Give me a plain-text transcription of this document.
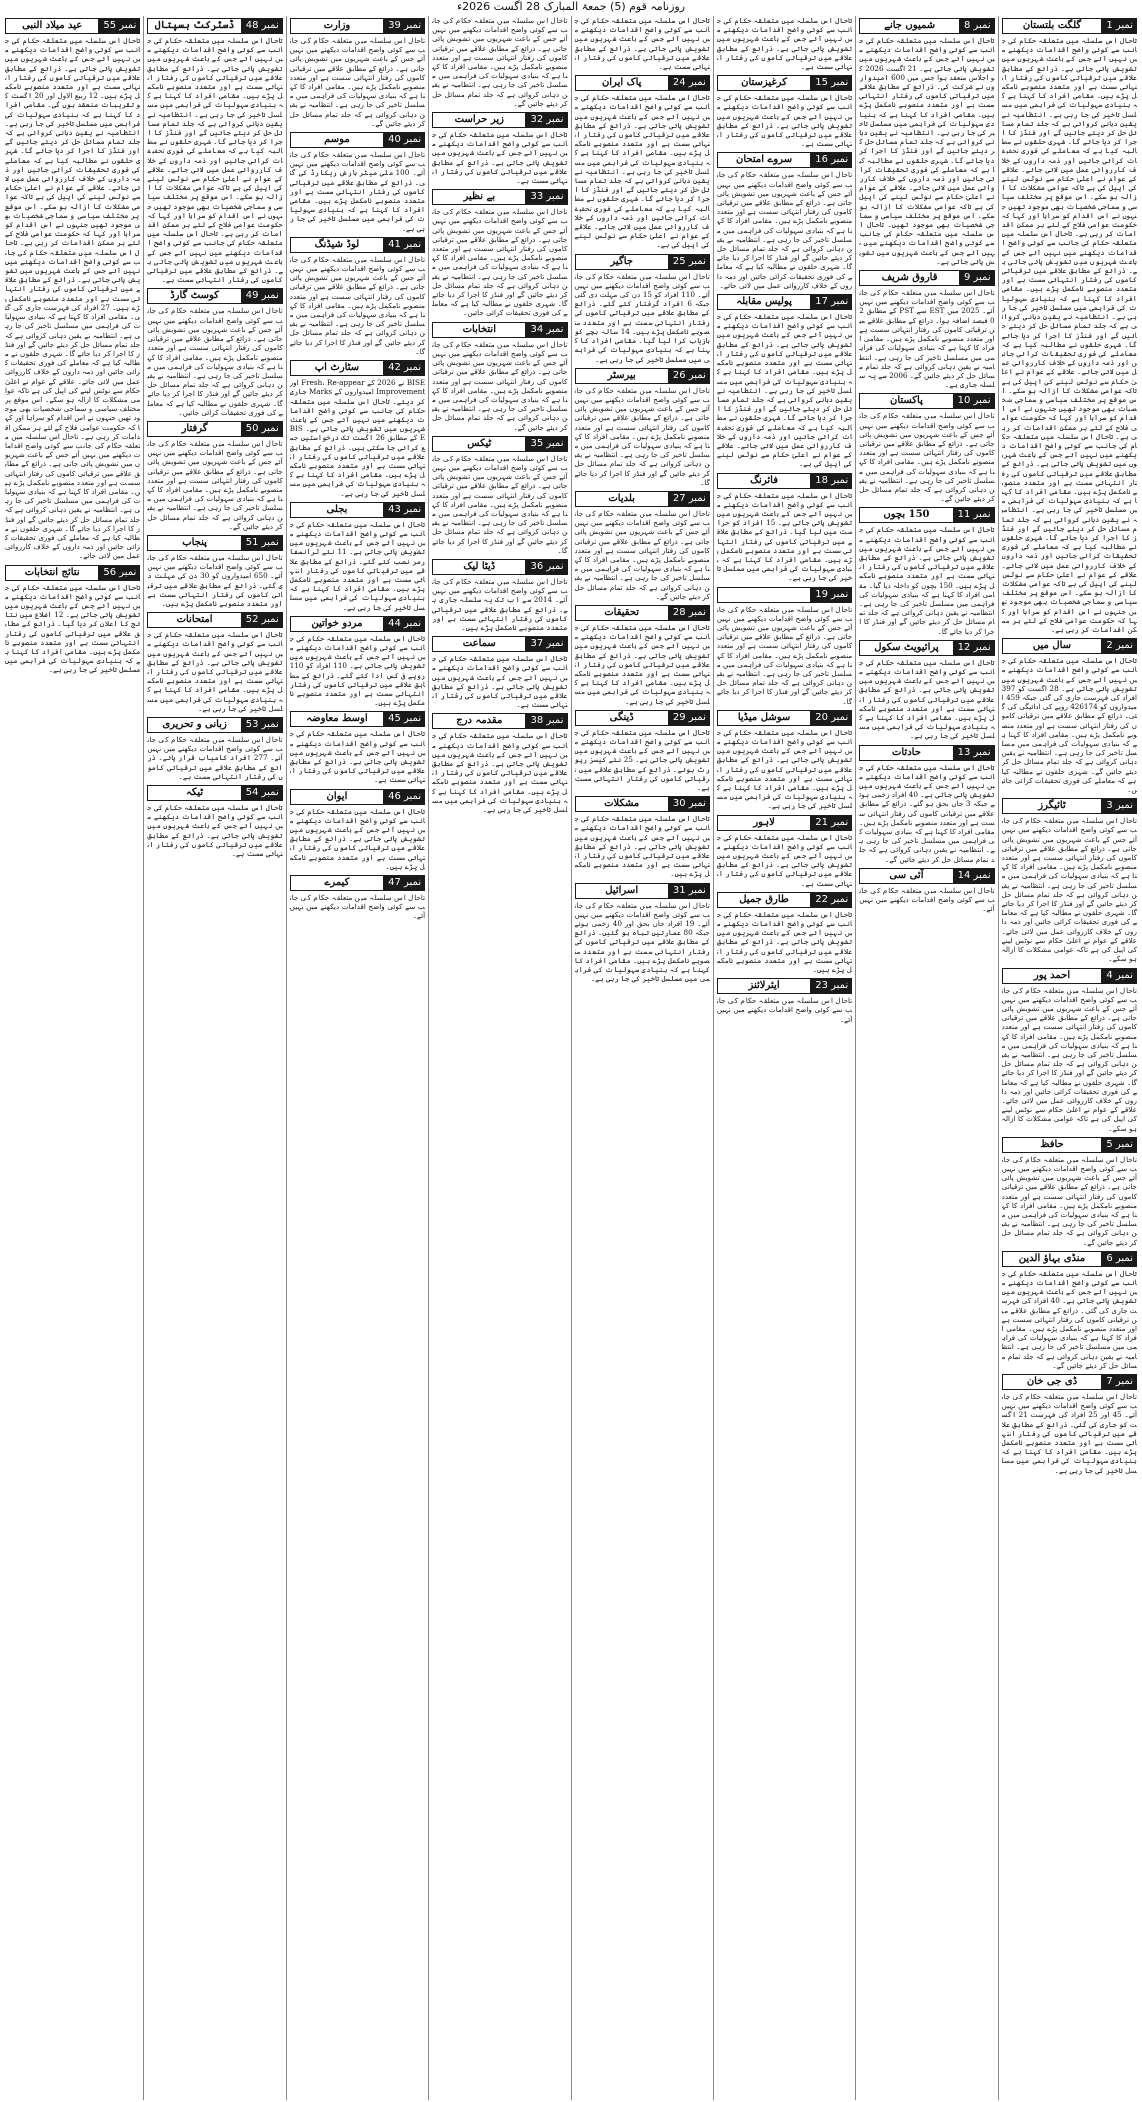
روزنامہ قوم (5) جمعۃ المبارک 28 اگست 2026ء
نمبر 1
گلگت بلتستان
تاحال اس سلسلہ میں متعلقہ حکام کی جانب سے کوئی واضح اقدامات دیکھنے میں نہیں آئے جس کے باعث شہریوں میں تشویش پائی جاتی ہے۔ ذرائع کے مطابق علاقے میں ترقیاتی کاموں کی رفتار انتہائی سست ہے اور متعدد منصوبے نامکمل پڑے ہیں۔ مقامی افراد کا کہنا ہے کہ بنیادی سہولیات کی فراہمی میں مسلسل تاخیر کی جا رہی ہے۔ انتظامیہ نے یقین دہانی کروائی ہے کہ جلد تمام مسائل حل کر دیئے جائیں گے اور فنڈز کا اجرا کر دیا جائے گا۔ شہری حلقوں نے مطالبہ کیا ہے کہ معاملے کی فوری تحقیقات کرائی جائیں اور ذمہ داروں کے خلاف کارروائی عمل میں لائی جائے۔ علاقے کے عوام نے اعلیٰ حکام سے نوٹس لینے کی اپیل کی ہے تاکہ عوامی مشکلات کا ازالہ ہو سکے۔ اس موقع پر مختلف سیاسی و سماجی شخصیات بھی موجود تھیں جنہوں نے اس اقدام کو سراہا اور کہا کہ حکومت عوامی فلاح کے لئے ہر ممکن اقدامات کر رہی ہے۔ تاحال اس سلسلہ میں متعلقہ حکام کی جانب سے کوئی واضح اقدامات دیکھنے میں نہیں آئے جس کے باعث شہریوں میں تشویش پائی جاتی ہے۔ ذرائع کے مطابق علاقے میں ترقیاتی کاموں کی رفتار انتہائی سست ہے اور متعدد منصوبے نامکمل پڑے ہیں۔ مقامی افراد کا کہنا ہے کہ بنیادی سہولیات کی فراہمی میں مسلسل تاخیر کی جا رہی ہے۔ انتظامیہ نے یقین دہانی کروائی ہے کہ جلد تمام مسائل حل کر دیئے جائیں گے اور فنڈز کا اجرا کر دیا جائے گا۔ شہری حلقوں نے مطالبہ کیا ہے کہ معاملے کی فوری تحقیقات کرائی جائیں اور ذمہ داروں کے خلاف کارروائی عمل میں لائی جائے۔ علاقے کے عوام نے اعلیٰ حکام سے نوٹس لینے کی اپیل کی ہے تاکہ عوامی مشکلات کا ازالہ ہو سکے۔ اس موقع پر مختلف سیاسی و سماجی شخصیات بھی موجود تھیں جنہوں نے اس اقدام کو سراہا اور کہا کہ حکومت عوامی فلاح کے لئے ہر ممکن اقدامات کر رہی ہے۔ تاحال اس سلسلہ میں متعلقہ حکام کی جانب سے کوئی واضح اقدامات دیکھنے میں نہیں آئے جس کے باعث شہریوں میں تشویش پائی جاتی ہے۔ ذرائع کے مطابق علاقے میں ترقیاتی کاموں کی رفتار انتہائی سست ہے اور متعدد منصوبے نامکمل پڑے ہیں۔ مقامی افراد کا کہنا ہے کہ بنیادی سہولیات کی فراہمی میں مسلسل تاخیر کی جا رہی ہے۔ انتظامیہ نے یقین دہانی کروائی ہے کہ جلد تمام مسائل حل کر دیئے جائیں گے اور فنڈز کا اجرا کر دیا جائے گا۔ شہری حلقوں نے مطالبہ کیا ہے کہ معاملے کی فوری تحقیقات کرائی جائیں اور ذمہ داروں کے خلاف کارروائی عمل میں لائی جائے۔ علاقے کے عوام نے اعلیٰ حکام سے نوٹس لینے کی اپیل کی ہے تاکہ عوامی مشکلات کا ازالہ ہو سکے۔ اس موقع پر مختلف سیاسی و سماجی شخصیات بھی موجود تھیں جنہوں نے اس اقدام کو سراہا اور کہا کہ حکومت عوامی فلاح کے لئے ہر ممکن اقدامات کر رہی ہے۔
نمبر 2
سال میں
تاحال اس سلسلہ میں متعلقہ حکام کی جانب سے کوئی واضح اقدامات دیکھنے میں نہیں آئے جس کے باعث شہریوں میں تشویش پائی جاتی ہے۔ 28 اگست کو 397 افراد کی فہرست جاری کی گئی جبکہ 459 امیدواروں کو 426174 روپے کی ادائیگی کی گئی۔ ذرائع کے مطابق علاقے میں ترقیاتی کاموں کی رفتار انتہائی سست ہے اور متعدد منصوبے نامکمل پڑے ہیں۔ مقامی افراد کا کہنا ہے کہ بنیادی سہولیات کی فراہمی میں مسلسل تاخیر کی جا رہی ہے۔ انتظامیہ نے یقین دہانی کروائی ہے کہ جلد تمام مسائل حل کر دیئے جائیں گے۔ شہری حلقوں نے مطالبہ کیا ہے کہ معاملے کی فوری تحقیقات کرائی جائیں۔
نمبر 3
ٹائیگرز
تاحال اس سلسلہ میں متعلقہ حکام کی جانب سے کوئی واضح اقدامات دیکھنے میں نہیں آئے جس کے باعث شہریوں میں تشویش پائی جاتی ہے۔ ذرائع کے مطابق علاقے میں ترقیاتی کاموں کی رفتار انتہائی سست ہے اور متعدد منصوبے نامکمل پڑے ہیں۔ مقامی افراد کا کہنا ہے کہ بنیادی سہولیات کی فراہمی میں مسلسل تاخیر کی جا رہی ہے۔ انتظامیہ نے یقین دہانی کروائی ہے کہ جلد تمام مسائل حل کر دیئے جائیں گے اور فنڈز کا اجرا کر دیا جائے گا۔ شہری حلقوں نے مطالبہ کیا ہے کہ معاملے کی فوری تحقیقات کرائی جائیں اور ذمہ داروں کے خلاف کارروائی عمل میں لائی جائے۔ علاقے کے عوام نے اعلیٰ حکام سے نوٹس لینے کی اپیل کی ہے تاکہ عوامی مشکلات کا ازالہ ہو سکے۔
نمبر 4
احمد پور
تاحال اس سلسلہ میں متعلقہ حکام کی جانب سے کوئی واضح اقدامات دیکھنے میں نہیں آئے جس کے باعث شہریوں میں تشویش پائی جاتی ہے۔ ذرائع کے مطابق علاقے میں ترقیاتی کاموں کی رفتار انتہائی سست ہے اور متعدد منصوبے نامکمل پڑے ہیں۔ مقامی افراد کا کہنا ہے کہ بنیادی سہولیات کی فراہمی میں مسلسل تاخیر کی جا رہی ہے۔ انتظامیہ نے یقین دہانی کروائی ہے کہ جلد تمام مسائل حل کر دیئے جائیں گے اور فنڈز کا اجرا کر دیا جائے گا۔ شہری حلقوں نے مطالبہ کیا ہے کہ معاملے کی فوری تحقیقات کرائی جائیں اور ذمہ داروں کے خلاف کارروائی عمل میں لائی جائے۔ علاقے کے عوام نے اعلیٰ حکام سے نوٹس لینے کی اپیل کی ہے تاکہ عوامی مشکلات کا ازالہ ہو سکے۔
نمبر 5
حافظ
تاحال اس سلسلہ میں متعلقہ حکام کی جانب سے کوئی واضح اقدامات دیکھنے میں نہیں آئے جس کے باعث شہریوں میں تشویش پائی جاتی ہے۔ ذرائع کے مطابق علاقے میں ترقیاتی کاموں کی رفتار انتہائی سست ہے اور متعدد منصوبے نامکمل پڑے ہیں۔ مقامی افراد کا کہنا ہے کہ بنیادی سہولیات کی فراہمی میں مسلسل تاخیر کی جا رہی ہے۔ انتظامیہ نے یقین دہانی کروائی ہے کہ جلد تمام مسائل حل کر دیئے جائیں گے۔
نمبر 6
منڈی بہاؤ الدین
تاحال اس سلسلہ میں متعلقہ حکام کی جانب سے کوئی واضح اقدامات دیکھنے میں نہیں آئے جس کے باعث شہریوں میں تشویش پائی جاتی ہے۔ 40 افراد کی فہرست جاری کی گئی۔ ذرائع کے مطابق علاقے میں ترقیاتی کاموں کی رفتار انتہائی سست ہے اور متعدد منصوبے نامکمل پڑے ہیں۔ مقامی افراد کا کہنا ہے کہ بنیادی سہولیات کی فراہمی میں مسلسل تاخیر کی جا رہی ہے۔ انتظامیہ نے یقین دہانی کروائی ہے کہ جلد تمام مسائل حل کر دیئے جائیں گے۔
نمبر 7
ڈی جی خان
تاحال اس سلسلہ میں متعلقہ حکام کی جانب سے کوئی واضح اقدامات دیکھنے میں نہیں آئے۔ 45 اور 25 افراد کی فہرست 21 اگست کو جاری کی گئی۔ ذرائع کے مطابق علاقے میں ترقیاتی کاموں کی رفتار انتہائی سست ہے اور متعدد منصوبے نامکمل پڑے ہیں۔ مقامی افراد کا کہنا ہے کہ بنیادی سہولیات کی فراہمی میں مسلسل تاخیر کی جا رہی ہے۔
نمبر 8
شمیوں جانے
تاحال اس سلسلہ میں متعلقہ حکام کی جانب سے کوئی واضح اقدامات دیکھنے میں نہیں آئے جس کے باعث شہریوں میں تشویش پائی جاتی ہے۔ 21 اگست 2026 کو اجلاس منعقد ہوا جس میں 600 امیدواروں نے شرکت کی۔ ذرائع کے مطابق علاقے میں ترقیاتی کاموں کی رفتار انتہائی سست ہے اور متعدد منصوبے نامکمل پڑے ہیں۔ مقامی افراد کا کہنا ہے کہ بنیادی سہولیات کی فراہمی میں مسلسل تاخیر کی جا رہی ہے۔ انتظامیہ نے یقین دہانی کروائی ہے کہ جلد تمام مسائل حل کر دیئے جائیں گے اور فنڈز کا اجرا کر دیا جائے گا۔ شہری حلقوں نے مطالبہ کیا ہے کہ معاملے کی فوری تحقیقات کرائی جائیں اور ذمہ داروں کے خلاف کارروائی عمل میں لائی جائے۔ علاقے کے عوام نے اعلیٰ حکام سے نوٹس لینے کی اپیل کی ہے تاکہ عوامی مشکلات کا ازالہ ہو سکے۔ اس موقع پر مختلف سیاسی و سماجی شخصیات بھی موجود تھیں۔ تاحال اس سلسلہ میں متعلقہ حکام کی جانب سے کوئی واضح اقدامات دیکھنے میں نہیں آئے جس کے باعث شہریوں میں تشویش پائی جاتی ہے۔
نمبر 9
قاروق شریف
تاحال اس سلسلہ میں متعلقہ حکام کی جانب سے کوئی واضح اقدامات دیکھنے میں نہیں آئے۔ 2025 میں EST سے PST کے مطابق 20 فیصد اضافہ ہوا۔ ذرائع کے مطابق علاقے میں ترقیاتی کاموں کی رفتار انتہائی سست ہے اور متعدد منصوبے نامکمل پڑے ہیں۔ مقامی افراد کا کہنا ہے کہ بنیادی سہولیات کی فراہمی میں مسلسل تاخیر کی جا رہی ہے۔ انتظامیہ نے یقین دہانی کروائی ہے کہ جلد تمام مسائل حل کر دیئے جائیں گے۔ 2006 سے یہ سلسلہ جاری ہے۔
نمبر 10
پاکستان
تاحال اس سلسلہ میں متعلقہ حکام کی جانب سے کوئی واضح اقدامات دیکھنے میں نہیں آئے جس کے باعث شہریوں میں تشویش پائی جاتی ہے۔ ذرائع کے مطابق علاقے میں ترقیاتی کاموں کی رفتار انتہائی سست ہے اور متعدد منصوبے نامکمل پڑے ہیں۔ مقامی افراد کا کہنا ہے کہ بنیادی سہولیات کی فراہمی میں مسلسل تاخیر کی جا رہی ہے۔ انتظامیہ نے یقین دہانی کروائی ہے کہ جلد تمام مسائل حل کر دیئے جائیں گے۔
نمبر 11
150 بچوں
تاحال اس سلسلہ میں متعلقہ حکام کی جانب سے کوئی واضح اقدامات دیکھنے میں نہیں آئے جس کے باعث شہریوں میں تشویش پائی جاتی ہے۔ ذرائع کے مطابق علاقے میں ترقیاتی کاموں کی رفتار انتہائی سست ہے اور متعدد منصوبے نامکمل پڑے ہیں۔ 150 بچوں کو داخلہ دیا گیا۔ مقامی افراد کا کہنا ہے کہ بنیادی سہولیات کی فراہمی میں مسلسل تاخیر کی جا رہی ہے۔ انتظامیہ نے یقین دہانی کروائی ہے کہ جلد تمام مسائل حل کر دیئے جائیں گے اور فنڈز کا اجرا کر دیا جائے گا۔
نمبر 12
پرائیویٹ سکول
تاحال اس سلسلہ میں متعلقہ حکام کی جانب سے کوئی واضح اقدامات دیکھنے میں نہیں آئے جس کے باعث شہریوں میں تشویش پائی جاتی ہے۔ ذرائع کے مطابق علاقے میں ترقیاتی کاموں کی رفتار انتہائی سست ہے اور متعدد منصوبے نامکمل پڑے ہیں۔ مقامی افراد کا کہنا ہے کہ بنیادی سہولیات کی فراہمی میں مسلسل تاخیر کی جا رہی ہے۔
نمبر 13
حادثات
تاحال اس سلسلہ میں متعلقہ حکام کی جانب سے کوئی واضح اقدامات دیکھنے میں نہیں آئے جس کے باعث شہریوں میں تشویش پائی جاتی ہے۔ 40 افراد زخمی ہوئے جبکہ 3 جاں بحق ہو گئے۔ ذرائع کے مطابق علاقے میں ترقیاتی کاموں کی رفتار انتہائی سست ہے اور متعدد منصوبے نامکمل پڑے ہیں۔ مقامی افراد کا کہنا ہے کہ بنیادی سہولیات کی فراہمی میں مسلسل تاخیر کی جا رہی ہے۔ انتظامیہ نے یقین دہانی کروائی ہے کہ جلد تمام مسائل حل کر دیئے جائیں گے۔
نمبر 14
آئی سی
تاحال اس سلسلہ میں متعلقہ حکام کی جانب سے کوئی واضح اقدامات دیکھنے میں نہیں آئے۔
تاحال اس سلسلہ میں متعلقہ حکام کی جانب سے کوئی واضح اقدامات دیکھنے میں نہیں آئے جس کے باعث شہریوں میں تشویش پائی جاتی ہے۔ ذرائع کے مطابق علاقے میں ترقیاتی کاموں کی رفتار انتہائی سست ہے۔
نمبر 15
کرغیزستان
تاحال اس سلسلہ میں متعلقہ حکام کی جانب سے کوئی واضح اقدامات دیکھنے میں نہیں آئے جس کے باعث شہریوں میں تشویش پائی جاتی ہے۔ ذرائع کے مطابق علاقے میں ترقیاتی کاموں کی رفتار انتہائی سست ہے۔
نمبر 16
سروے امتحان
تاحال اس سلسلہ میں متعلقہ حکام کی جانب سے کوئی واضح اقدامات دیکھنے میں نہیں آئے جس کے باعث شہریوں میں تشویش پائی جاتی ہے۔ ذرائع کے مطابق علاقے میں ترقیاتی کاموں کی رفتار انتہائی سست ہے اور متعدد منصوبے نامکمل پڑے ہیں۔ مقامی افراد کا کہنا ہے کہ بنیادی سہولیات کی فراہمی میں مسلسل تاخیر کی جا رہی ہے۔ انتظامیہ نے یقین دہانی کروائی ہے کہ جلد تمام مسائل حل کر دیئے جائیں گے اور فنڈز کا اجرا کر دیا جائے گا۔ شہری حلقوں نے مطالبہ کیا ہے کہ معاملے کی فوری تحقیقات کرائی جائیں اور ذمہ داروں کے خلاف کارروائی عمل میں لائی جائے۔
نمبر 17
پولیس مقابلہ
تاحال اس سلسلہ میں متعلقہ حکام کی جانب سے کوئی واضح اقدامات دیکھنے میں نہیں آئے جس کے باعث شہریوں میں تشویش پائی جاتی ہے۔ ذرائع کے مطابق علاقے میں ترقیاتی کاموں کی رفتار انتہائی سست ہے اور متعدد منصوبے نامکمل پڑے ہیں۔ مقامی افراد کا کہنا ہے کہ بنیادی سہولیات کی فراہمی میں مسلسل تاخیر کی جا رہی ہے۔ انتظامیہ نے یقین دہانی کروائی ہے کہ جلد تمام مسائل حل کر دیئے جائیں گے اور فنڈز کا اجرا کر دیا جائے گا۔ شہری حلقوں نے مطالبہ کیا ہے کہ معاملے کی فوری تحقیقات کرائی جائیں اور ذمہ داروں کے خلاف کارروائی عمل میں لائی جائے۔ علاقے کے عوام نے اعلیٰ حکام سے نوٹس لینے کی اپیل کی ہے۔
نمبر 18
فائرنگ
تاحال اس سلسلہ میں متعلقہ حکام کی جانب سے کوئی واضح اقدامات دیکھنے میں نہیں آئے جس کے باعث شہریوں میں تشویش پائی جاتی ہے۔ 15 افراد کو حراست میں لیا گیا۔ ذرائع کے مطابق علاقے میں ترقیاتی کاموں کی رفتار انتہائی سست ہے اور متعدد منصوبے نامکمل پڑے ہیں۔ مقامی افراد کا کہنا ہے کہ بنیادی سہولیات کی فراہمی میں مسلسل تاخیر کی جا رہی ہے۔
نمبر 19
تاحال اس سلسلہ میں متعلقہ حکام کی جانب سے کوئی واضح اقدامات دیکھنے میں نہیں آئے جس کے باعث شہریوں میں تشویش پائی جاتی ہے۔ ذرائع کے مطابق علاقے میں ترقیاتی کاموں کی رفتار انتہائی سست ہے اور متعدد منصوبے نامکمل پڑے ہیں۔ مقامی افراد کا کہنا ہے کہ بنیادی سہولیات کی فراہمی میں مسلسل تاخیر کی جا رہی ہے۔ انتظامیہ نے یقین دہانی کروائی ہے کہ جلد تمام مسائل حل کر دیئے جائیں گے اور فنڈز کا اجرا کر دیا جائے گا۔
نمبر 20
سوشل میڈیا
تاحال اس سلسلہ میں متعلقہ حکام کی جانب سے کوئی واضح اقدامات دیکھنے میں نہیں آئے جس کے باعث شہریوں میں تشویش پائی جاتی ہے۔ ذرائع کے مطابق علاقے میں ترقیاتی کاموں کی رفتار انتہائی سست ہے اور متعدد منصوبے نامکمل پڑے ہیں۔ مقامی افراد کا کہنا ہے کہ بنیادی سہولیات کی فراہمی میں مسلسل تاخیر کی جا رہی ہے۔
نمبر 21
لاہور
تاحال اس سلسلہ میں متعلقہ حکام کی جانب سے کوئی واضح اقدامات دیکھنے میں نہیں آئے جس کے باعث شہریوں میں تشویش پائی جاتی ہے۔ ذرائع کے مطابق علاقے میں ترقیاتی کاموں کی رفتار انتہائی سست ہے۔
نمبر 22
طارق جمیل
تاحال اس سلسلہ میں متعلقہ حکام کی جانب سے کوئی واضح اقدامات دیکھنے میں نہیں آئے جس کے باعث شہریوں میں تشویش پائی جاتی ہے۔ ذرائع کے مطابق علاقے میں ترقیاتی کاموں کی رفتار انتہائی سست ہے اور متعدد منصوبے نامکمل پڑے ہیں۔
نمبر 23
ایئرلائنز
تاحال اس سلسلہ میں متعلقہ حکام کی جانب سے کوئی واضح اقدامات دیکھنے میں نہیں آئے۔
تاحال اس سلسلہ میں متعلقہ حکام کی جانب سے کوئی واضح اقدامات دیکھنے میں نہیں آئے جس کے باعث شہریوں میں تشویش پائی جاتی ہے۔ ذرائع کے مطابق علاقے میں ترقیاتی کاموں کی رفتار انتہائی سست ہے۔
نمبر 24
پاک ایران
تاحال اس سلسلہ میں متعلقہ حکام کی جانب سے کوئی واضح اقدامات دیکھنے میں نہیں آئے جس کے باعث شہریوں میں تشویش پائی جاتی ہے۔ ذرائع کے مطابق علاقے میں ترقیاتی کاموں کی رفتار انتہائی سست ہے اور متعدد منصوبے نامکمل پڑے ہیں۔ مقامی افراد کا کہنا ہے کہ بنیادی سہولیات کی فراہمی میں مسلسل تاخیر کی جا رہی ہے۔ انتظامیہ نے یقین دہانی کروائی ہے کہ جلد تمام مسائل حل کر دیئے جائیں گے اور فنڈز کا اجرا کر دیا جائے گا۔ شہری حلقوں نے مطالبہ کیا ہے کہ معاملے کی فوری تحقیقات کرائی جائیں اور ذمہ داروں کے خلاف کارروائی عمل میں لائی جائے۔ علاقے کے عوام نے اعلیٰ حکام سے نوٹس لینے کی اپیل کی ہے۔
نمبر 25
جاگیر
تاحال اس سلسلہ میں متعلقہ حکام کی جانب سے کوئی واضح اقدامات دیکھنے میں نہیں آئے۔ 110 افراد کو 15 دن کی مہلت دی گئی جبکہ 6 افراد گرفتار کئے گئے۔ ذرائع کے مطابق علاقے میں ترقیاتی کاموں کی رفتار انتہائی سست ہے اور متعدد منصوبے نامکمل پڑے ہیں۔ 14 سالہ بچے کو بازیاب کرا لیا گیا۔ مقامی افراد کا کہنا ہے کہ بنیادی سہولیات کی فراہمی میں مسلسل تاخیر کی جا رہی ہے۔
نمبر 26
بیرسٹر
تاحال اس سلسلہ میں متعلقہ حکام کی جانب سے کوئی واضح اقدامات دیکھنے میں نہیں آئے جس کے باعث شہریوں میں تشویش پائی جاتی ہے۔ ذرائع کے مطابق علاقے میں ترقیاتی کاموں کی رفتار انتہائی سست ہے اور متعدد منصوبے نامکمل پڑے ہیں۔ مقامی افراد کا کہنا ہے کہ بنیادی سہولیات کی فراہمی میں مسلسل تاخیر کی جا رہی ہے۔ انتظامیہ نے یقین دہانی کروائی ہے کہ جلد تمام مسائل حل کر دیئے جائیں گے اور فنڈز کا اجرا کر دیا جائے گا۔
نمبر 27
بلدیات
تاحال اس سلسلہ میں متعلقہ حکام کی جانب سے کوئی واضح اقدامات دیکھنے میں نہیں آئے جس کے باعث شہریوں میں تشویش پائی جاتی ہے۔ ذرائع کے مطابق علاقے میں ترقیاتی کاموں کی رفتار انتہائی سست ہے اور متعدد منصوبے نامکمل پڑے ہیں۔ مقامی افراد کا کہنا ہے کہ بنیادی سہولیات کی فراہمی میں مسلسل تاخیر کی جا رہی ہے۔ انتظامیہ نے یقین دہانی کروائی ہے کہ جلد تمام مسائل حل کر دیئے جائیں گے۔
نمبر 28
تحقیقات
تاحال اس سلسلہ میں متعلقہ حکام کی جانب سے کوئی واضح اقدامات دیکھنے میں نہیں آئے جس کے باعث شہریوں میں تشویش پائی جاتی ہے۔ ذرائع کے مطابق علاقے میں ترقیاتی کاموں کی رفتار انتہائی سست ہے اور متعدد منصوبے نامکمل پڑے ہیں۔ مقامی افراد کا کہنا ہے کہ بنیادی سہولیات کی فراہمی میں مسلسل تاخیر کی جا رہی ہے۔
نمبر 29
ڈینگی
تاحال اس سلسلہ میں متعلقہ حکام کی جانب سے کوئی واضح اقدامات دیکھنے میں نہیں آئے جس کے باعث شہریوں میں تشویش پائی جاتی ہے۔ 25 نئے کیسز رپورٹ ہوئے۔ ذرائع کے مطابق علاقے میں ترقیاتی کاموں کی رفتار انتہائی سست ہے۔
نمبر 30
مشکلات
تاحال اس سلسلہ میں متعلقہ حکام کی جانب سے کوئی واضح اقدامات دیکھنے میں نہیں آئے جس کے باعث شہریوں میں تشویش پائی جاتی ہے۔ ذرائع کے مطابق علاقے میں ترقیاتی کاموں کی رفتار انتہائی سست ہے اور متعدد منصوبے نامکمل پڑے ہیں۔
نمبر 31
اسرائیل
تاحال اس سلسلہ میں متعلقہ حکام کی جانب سے کوئی واضح اقدامات دیکھنے میں نہیں آئے۔ 19 افراد جاں بحق اور 40 زخمی ہوئے جبکہ 80 عمارتیں تباہ ہو گئیں۔ ذرائع کے مطابق علاقے میں ترقیاتی کاموں کی رفتار انتہائی سست ہے اور متعدد منصوبے نامکمل پڑے ہیں۔ مقامی افراد کا کہنا ہے کہ بنیادی سہولیات کی فراہمی میں مسلسل تاخیر کی جا رہی ہے۔
تاحال اس سلسلہ میں متعلقہ حکام کی جانب سے کوئی واضح اقدامات دیکھنے میں نہیں آئے جس کے باعث شہریوں میں تشویش پائی جاتی ہے۔ ذرائع کے مطابق علاقے میں ترقیاتی کاموں کی رفتار انتہائی سست ہے اور متعدد منصوبے نامکمل پڑے ہیں۔ مقامی افراد کا کہنا ہے کہ بنیادی سہولیات کی فراہمی میں مسلسل تاخیر کی جا رہی ہے۔ انتظامیہ نے یقین دہانی کروائی ہے کہ جلد تمام مسائل حل کر دیئے جائیں گے۔
نمبر 32
زیر حراست
تاحال اس سلسلہ میں متعلقہ حکام کی جانب سے کوئی واضح اقدامات دیکھنے میں نہیں آئے جس کے باعث شہریوں میں تشویش پائی جاتی ہے۔ ذرائع کے مطابق علاقے میں ترقیاتی کاموں کی رفتار انتہائی سست ہے۔
نمبر 33
بے نظیر
تاحال اس سلسلہ میں متعلقہ حکام کی جانب سے کوئی واضح اقدامات دیکھنے میں نہیں آئے جس کے باعث شہریوں میں تشویش پائی جاتی ہے۔ ذرائع کے مطابق علاقے میں ترقیاتی کاموں کی رفتار انتہائی سست ہے اور متعدد منصوبے نامکمل پڑے ہیں۔ مقامی افراد کا کہنا ہے کہ بنیادی سہولیات کی فراہمی میں مسلسل تاخیر کی جا رہی ہے۔ انتظامیہ نے یقین دہانی کروائی ہے کہ جلد تمام مسائل حل کر دیئے جائیں گے اور فنڈز کا اجرا کر دیا جائے گا۔ شہری حلقوں نے مطالبہ کیا ہے کہ معاملے کی فوری تحقیقات کرائی جائیں۔
نمبر 34
انتخابات
تاحال اس سلسلہ میں متعلقہ حکام کی جانب سے کوئی واضح اقدامات دیکھنے میں نہیں آئے جس کے باعث شہریوں میں تشویش پائی جاتی ہے۔ ذرائع کے مطابق علاقے میں ترقیاتی کاموں کی رفتار انتہائی سست ہے اور متعدد منصوبے نامکمل پڑے ہیں۔ مقامی افراد کا کہنا ہے کہ بنیادی سہولیات کی فراہمی میں مسلسل تاخیر کی جا رہی ہے۔ انتظامیہ نے یقین دہانی کروائی ہے کہ جلد تمام مسائل حل کر دیئے جائیں گے۔
نمبر 35
ٹیکس
تاحال اس سلسلہ میں متعلقہ حکام کی جانب سے کوئی واضح اقدامات دیکھنے میں نہیں آئے جس کے باعث شہریوں میں تشویش پائی جاتی ہے۔ ذرائع کے مطابق علاقے میں ترقیاتی کاموں کی رفتار انتہائی سست ہے اور متعدد منصوبے نامکمل پڑے ہیں۔ مقامی افراد کا کہنا ہے کہ بنیادی سہولیات کی فراہمی میں مسلسل تاخیر کی جا رہی ہے۔ انتظامیہ نے یقین دہانی کروائی ہے کہ جلد تمام مسائل حل کر دیئے جائیں گے اور فنڈز کا اجرا کر دیا جائے گا۔
نمبر 36
ڈیٹا لیک
تاحال اس سلسلہ میں متعلقہ حکام کی جانب سے کوئی واضح اقدامات دیکھنے میں نہیں آئے۔ 2014 سے اب تک یہ سلسلہ جاری ہے۔ ذرائع کے مطابق علاقے میں ترقیاتی کاموں کی رفتار انتہائی سست ہے اور متعدد منصوبے نامکمل پڑے ہیں۔
نمبر 37
سماعت
تاحال اس سلسلہ میں متعلقہ حکام کی جانب سے کوئی واضح اقدامات دیکھنے میں نہیں آئے جس کے باعث شہریوں میں تشویش پائی جاتی ہے۔ ذرائع کے مطابق علاقے میں ترقیاتی کاموں کی رفتار انتہائی سست ہے۔
نمبر 38
مقدمہ درج
تاحال اس سلسلہ میں متعلقہ حکام کی جانب سے کوئی واضح اقدامات دیکھنے میں نہیں آئے جس کے باعث شہریوں میں تشویش پائی جاتی ہے۔ ذرائع کے مطابق علاقے میں ترقیاتی کاموں کی رفتار انتہائی سست ہے اور متعدد منصوبے نامکمل پڑے ہیں۔ مقامی افراد کا کہنا ہے کہ بنیادی سہولیات کی فراہمی میں مسلسل تاخیر کی جا رہی ہے۔
نمبر 39
وزارت
تاحال اس سلسلہ میں متعلقہ حکام کی جانب سے کوئی واضح اقدامات دیکھنے میں نہیں آئے جس کے باعث شہریوں میں تشویش پائی جاتی ہے۔ ذرائع کے مطابق علاقے میں ترقیاتی کاموں کی رفتار انتہائی سست ہے اور متعدد منصوبے نامکمل پڑے ہیں۔ مقامی افراد کا کہنا ہے کہ بنیادی سہولیات کی فراہمی میں مسلسل تاخیر کی جا رہی ہے۔ انتظامیہ نے یقین دہانی کروائی ہے کہ جلد تمام مسائل حل کر دیئے جائیں گے۔
نمبر 40
موسم
تاحال اس سلسلہ میں متعلقہ حکام کی جانب سے کوئی واضح اقدامات دیکھنے میں نہیں آئے۔ 100 ملی میٹر بارش ریکارڈ کی گئی۔ ذرائع کے مطابق علاقے میں ترقیاتی کاموں کی رفتار انتہائی سست ہے اور متعدد منصوبے نامکمل پڑے ہیں۔ مقامی افراد کا کہنا ہے کہ بنیادی سہولیات کی فراہمی میں مسلسل تاخیر کی جا رہی ہے۔
نمبر 41
لوڈ شیڈنگ
تاحال اس سلسلہ میں متعلقہ حکام کی جانب سے کوئی واضح اقدامات دیکھنے میں نہیں آئے جس کے باعث شہریوں میں تشویش پائی جاتی ہے۔ ذرائع کے مطابق علاقے میں ترقیاتی کاموں کی رفتار انتہائی سست ہے اور متعدد منصوبے نامکمل پڑے ہیں۔ مقامی افراد کا کہنا ہے کہ بنیادی سہولیات کی فراہمی میں مسلسل تاخیر کی جا رہی ہے۔ انتظامیہ نے یقین دہانی کروائی ہے کہ جلد تمام مسائل حل کر دیئے جائیں گے اور فنڈز کا اجرا کر دیا جائے گا۔
نمبر 42
سٹارٹ اپ
BISE نے 2026 کے Fresh، Re-appear اور Improvement امیدواروں کے Marks جاری کر دیئے۔ تاحال اس سلسلہ میں متعلقہ حکام کی جانب سے کوئی واضح اقدامات دیکھنے میں نہیں آئے جس کے باعث شہریوں میں تشویش پائی جاتی ہے۔ BISE کے مطابق 26 اگست تک درخواستیں جمع کرائی جا سکتی ہیں۔ ذرائع کے مطابق علاقے میں ترقیاتی کاموں کی رفتار انتہائی سست ہے اور متعدد منصوبے نامکمل پڑے ہیں۔ مقامی افراد کا کہنا ہے کہ بنیادی سہولیات کی فراہمی میں مسلسل تاخیر کی جا رہی ہے۔
نمبر 43
بجلی
تاحال اس سلسلہ میں متعلقہ حکام کی جانب سے کوئی واضح اقدامات دیکھنے میں نہیں آئے جس کے باعث شہریوں میں تشویش پائی جاتی ہے۔ 11 نئے ٹرانسفارمر نصب کئے گئے۔ ذرائع کے مطابق علاقے میں ترقیاتی کاموں کی رفتار انتہائی سست ہے اور متعدد منصوبے نامکمل پڑے ہیں۔ مقامی افراد کا کہنا ہے کہ بنیادی سہولیات کی فراہمی میں مسلسل تاخیر کی جا رہی ہے۔
نمبر 44
مردو خواتین
تاحال اس سلسلہ میں متعلقہ حکام کی جانب سے کوئی واضح اقدامات دیکھنے میں نہیں آئے جس کے باعث شہریوں میں تشویش پائی جاتی ہے۔ 110 افراد کو 110 روپے فی کس ادا کئے گئے۔ ذرائع کے مطابق علاقے میں ترقیاتی کاموں کی رفتار انتہائی سست ہے اور متعدد منصوبے نامکمل پڑے ہیں۔
نمبر 45
اوسط معاوضہ
تاحال اس سلسلہ میں متعلقہ حکام کی جانب سے کوئی واضح اقدامات دیکھنے میں نہیں آئے جس کے باعث شہریوں میں تشویش پائی جاتی ہے۔ ذرائع کے مطابق علاقے میں ترقیاتی کاموں کی رفتار انتہائی سست ہے۔
نمبر 46
ایوان
تاحال اس سلسلہ میں متعلقہ حکام کی جانب سے کوئی واضح اقدامات دیکھنے میں نہیں آئے جس کے باعث شہریوں میں تشویش پائی جاتی ہے۔ ذرائع کے مطابق علاقے میں ترقیاتی کاموں کی رفتار انتہائی سست ہے اور متعدد منصوبے نامکمل پڑے ہیں۔
نمبر 47
کیمرے
تاحال اس سلسلہ میں متعلقہ حکام کی جانب سے کوئی واضح اقدامات دیکھنے میں نہیں آئے۔
نمبر 48
ڈسٹرکٹ ہسپتال
تاحال اس سلسلہ میں متعلقہ حکام کی جانب سے کوئی واضح اقدامات دیکھنے میں نہیں آئے جس کے باعث شہریوں میں تشویش پائی جاتی ہے۔ ذرائع کے مطابق علاقے میں ترقیاتی کاموں کی رفتار انتہائی سست ہے اور متعدد منصوبے نامکمل پڑے ہیں۔ مقامی افراد کا کہنا ہے کہ بنیادی سہولیات کی فراہمی میں مسلسل تاخیر کی جا رہی ہے۔ انتظامیہ نے یقین دہانی کروائی ہے کہ جلد تمام مسائل حل کر دیئے جائیں گے اور فنڈز کا اجرا کر دیا جائے گا۔ شہری حلقوں نے مطالبہ کیا ہے کہ معاملے کی فوری تحقیقات کرائی جائیں اور ذمہ داروں کے خلاف کارروائی عمل میں لائی جائے۔ علاقے کے عوام نے اعلیٰ حکام سے نوٹس لینے کی اپیل کی ہے تاکہ عوامی مشکلات کا ازالہ ہو سکے۔ اس موقع پر مختلف سیاسی و سماجی شخصیات بھی موجود تھیں جنہوں نے اس اقدام کو سراہا اور کہا کہ حکومت عوامی فلاح کے لئے ہر ممکن اقدامات کر رہی ہے۔ تاحال اس سلسلہ میں متعلقہ حکام کی جانب سے کوئی واضح اقدامات دیکھنے میں نہیں آئے جس کے باعث شہریوں میں تشویش پائی جاتی ہے۔ ذرائع کے مطابق علاقے میں ترقیاتی کاموں کی رفتار انتہائی سست ہے۔
نمبر 49
کوسٹ گارڈ
تاحال اس سلسلہ میں متعلقہ حکام کی جانب سے کوئی واضح اقدامات دیکھنے میں نہیں آئے جس کے باعث شہریوں میں تشویش پائی جاتی ہے۔ ذرائع کے مطابق علاقے میں ترقیاتی کاموں کی رفتار انتہائی سست ہے اور متعدد منصوبے نامکمل پڑے ہیں۔ مقامی افراد کا کہنا ہے کہ بنیادی سہولیات کی فراہمی میں مسلسل تاخیر کی جا رہی ہے۔ انتظامیہ نے یقین دہانی کروائی ہے کہ جلد تمام مسائل حل کر دیئے جائیں گے اور فنڈز کا اجرا کر دیا جائے گا۔ شہری حلقوں نے مطالبہ کیا ہے کہ معاملے کی فوری تحقیقات کرائی جائیں۔
نمبر 50
گرفتار
تاحال اس سلسلہ میں متعلقہ حکام کی جانب سے کوئی واضح اقدامات دیکھنے میں نہیں آئے جس کے باعث شہریوں میں تشویش پائی جاتی ہے۔ ذرائع کے مطابق علاقے میں ترقیاتی کاموں کی رفتار انتہائی سست ہے اور متعدد منصوبے نامکمل پڑے ہیں۔ مقامی افراد کا کہنا ہے کہ بنیادی سہولیات کی فراہمی میں مسلسل تاخیر کی جا رہی ہے۔ انتظامیہ نے یقین دہانی کروائی ہے کہ جلد تمام مسائل حل کر دیئے جائیں گے۔
نمبر 51
پنجاب
تاحال اس سلسلہ میں متعلقہ حکام کی جانب سے کوئی واضح اقدامات دیکھنے میں نہیں آئے۔ 650 امیدواروں کو 30 دن کی مہلت دی گئی۔ ذرائع کے مطابق علاقے میں ترقیاتی کاموں کی رفتار انتہائی سست ہے اور متعدد منصوبے نامکمل پڑے ہیں۔
نمبر 52
امتحانات
تاحال اس سلسلہ میں متعلقہ حکام کی جانب سے کوئی واضح اقدامات دیکھنے میں نہیں آئے جس کے باعث شہریوں میں تشویش پائی جاتی ہے۔ ذرائع کے مطابق علاقے میں ترقیاتی کاموں کی رفتار انتہائی سست ہے اور متعدد منصوبے نامکمل پڑے ہیں۔ مقامی افراد کا کہنا ہے کہ بنیادی سہولیات کی فراہمی میں مسلسل تاخیر کی جا رہی ہے۔
نمبر 53
زبانی و تحریری
تاحال اس سلسلہ میں متعلقہ حکام کی جانب سے کوئی واضح اقدامات دیکھنے میں نہیں آئے۔ 277 افراد کامیاب قرار پائے۔ ذرائع کے مطابق علاقے میں ترقیاتی کاموں کی رفتار انتہائی سست ہے۔
نمبر 54
ٹیکہ
تاحال اس سلسلہ میں متعلقہ حکام کی جانب سے کوئی واضح اقدامات دیکھنے میں نہیں آئے جس کے باعث شہریوں میں تشویش پائی جاتی ہے۔ ذرائع کے مطابق علاقے میں ترقیاتی کاموں کی رفتار انتہائی سست ہے۔
نمبر 55
عید میلاد النبی
تاحال اس سلسلہ میں متعلقہ حکام کی جانب سے کوئی واضح اقدامات دیکھنے میں نہیں آئے جس کے باعث شہریوں میں تشویش پائی جاتی ہے۔ ذرائع کے مطابق علاقے میں ترقیاتی کاموں کی رفتار انتہائی سست ہے اور متعدد منصوبے نامکمل پڑے ہیں۔ 12 ربیع الاول اور 20 اگست کو تقریبات منعقد ہوں گی۔ مقامی افراد کا کہنا ہے کہ بنیادی سہولیات کی فراہمی میں مسلسل تاخیر کی جا رہی ہے۔ انتظامیہ نے یقین دہانی کروائی ہے کہ جلد تمام مسائل حل کر دیئے جائیں گے اور فنڈز کا اجرا کر دیا جائے گا۔ شہری حلقوں نے مطالبہ کیا ہے کہ معاملے کی فوری تحقیقات کرائی جائیں اور ذمہ داروں کے خلاف کارروائی عمل میں لائی جائے۔ علاقے کے عوام نے اعلیٰ حکام سے نوٹس لینے کی اپیل کی ہے تاکہ عوامی مشکلات کا ازالہ ہو سکے۔ اس موقع پر مختلف سیاسی و سماجی شخصیات بھی موجود تھیں جنہوں نے اس اقدام کو سراہا اور کہا کہ حکومت عوامی فلاح کے لئے ہر ممکن اقدامات کر رہی ہے۔ تاحال اس سلسلہ میں متعلقہ حکام کی جانب سے کوئی واضح اقدامات دیکھنے میں نہیں آئے جس کے باعث شہریوں میں تشویش پائی جاتی ہے۔ ذرائع کے مطابق علاقے میں ترقیاتی کاموں کی رفتار انتہائی سست ہے اور متعدد منصوبے نامکمل پڑے ہیں۔ 27 افراد کی فہرست جاری کی گئی۔ مقامی افراد کا کہنا ہے کہ بنیادی سہولیات کی فراہمی میں مسلسل تاخیر کی جا رہی ہے۔ انتظامیہ نے یقین دہانی کروائی ہے کہ جلد تمام مسائل حل کر دیئے جائیں گے اور فنڈز کا اجرا کر دیا جائے گا۔ شہری حلقوں نے مطالبہ کیا ہے کہ معاملے کی فوری تحقیقات کرائی جائیں اور ذمہ داروں کے خلاف کارروائی عمل میں لائی جائے۔ علاقے کے عوام نے اعلیٰ حکام سے نوٹس لینے کی اپیل کی ہے تاکہ عوامی مشکلات کا ازالہ ہو سکے۔ اس موقع پر مختلف سیاسی و سماجی شخصیات بھی موجود تھیں جنہوں نے اس اقدام کو سراہا اور کہا کہ حکومت عوامی فلاح کے لئے ہر ممکن اقدامات کر رہی ہے۔ تاحال اس سلسلہ میں متعلقہ حکام کی جانب سے کوئی واضح اقدامات دیکھنے میں نہیں آئے جس کے باعث شہریوں میں تشویش پائی جاتی ہے۔ ذرائع کے مطابق علاقے میں ترقیاتی کاموں کی رفتار انتہائی سست ہے اور متعدد منصوبے نامکمل پڑے ہیں۔ مقامی افراد کا کہنا ہے کہ بنیادی سہولیات کی فراہمی میں مسلسل تاخیر کی جا رہی ہے۔ انتظامیہ نے یقین دہانی کروائی ہے کہ جلد تمام مسائل حل کر دیئے جائیں گے اور فنڈز کا اجرا کر دیا جائے گا۔ شہری حلقوں نے مطالبہ کیا ہے کہ معاملے کی فوری تحقیقات کرائی جائیں اور ذمہ داروں کے خلاف کارروائی عمل میں لائی جائے۔
نمبر 56
نتائج انتخابات
تاحال اس سلسلہ میں متعلقہ حکام کی جانب سے کوئی واضح اقدامات دیکھنے میں نہیں آئے جس کے باعث شہریوں میں تشویش پائی جاتی ہے۔ 12 اضلاع میں نتائج کا اعلان کر دیا گیا۔ ذرائع کے مطابق علاقے میں ترقیاتی کاموں کی رفتار انتہائی سست ہے اور متعدد منصوبے نامکمل پڑے ہیں۔ مقامی افراد کا کہنا ہے کہ بنیادی سہولیات کی فراہمی میں مسلسل تاخیر کی جا رہی ہے۔
